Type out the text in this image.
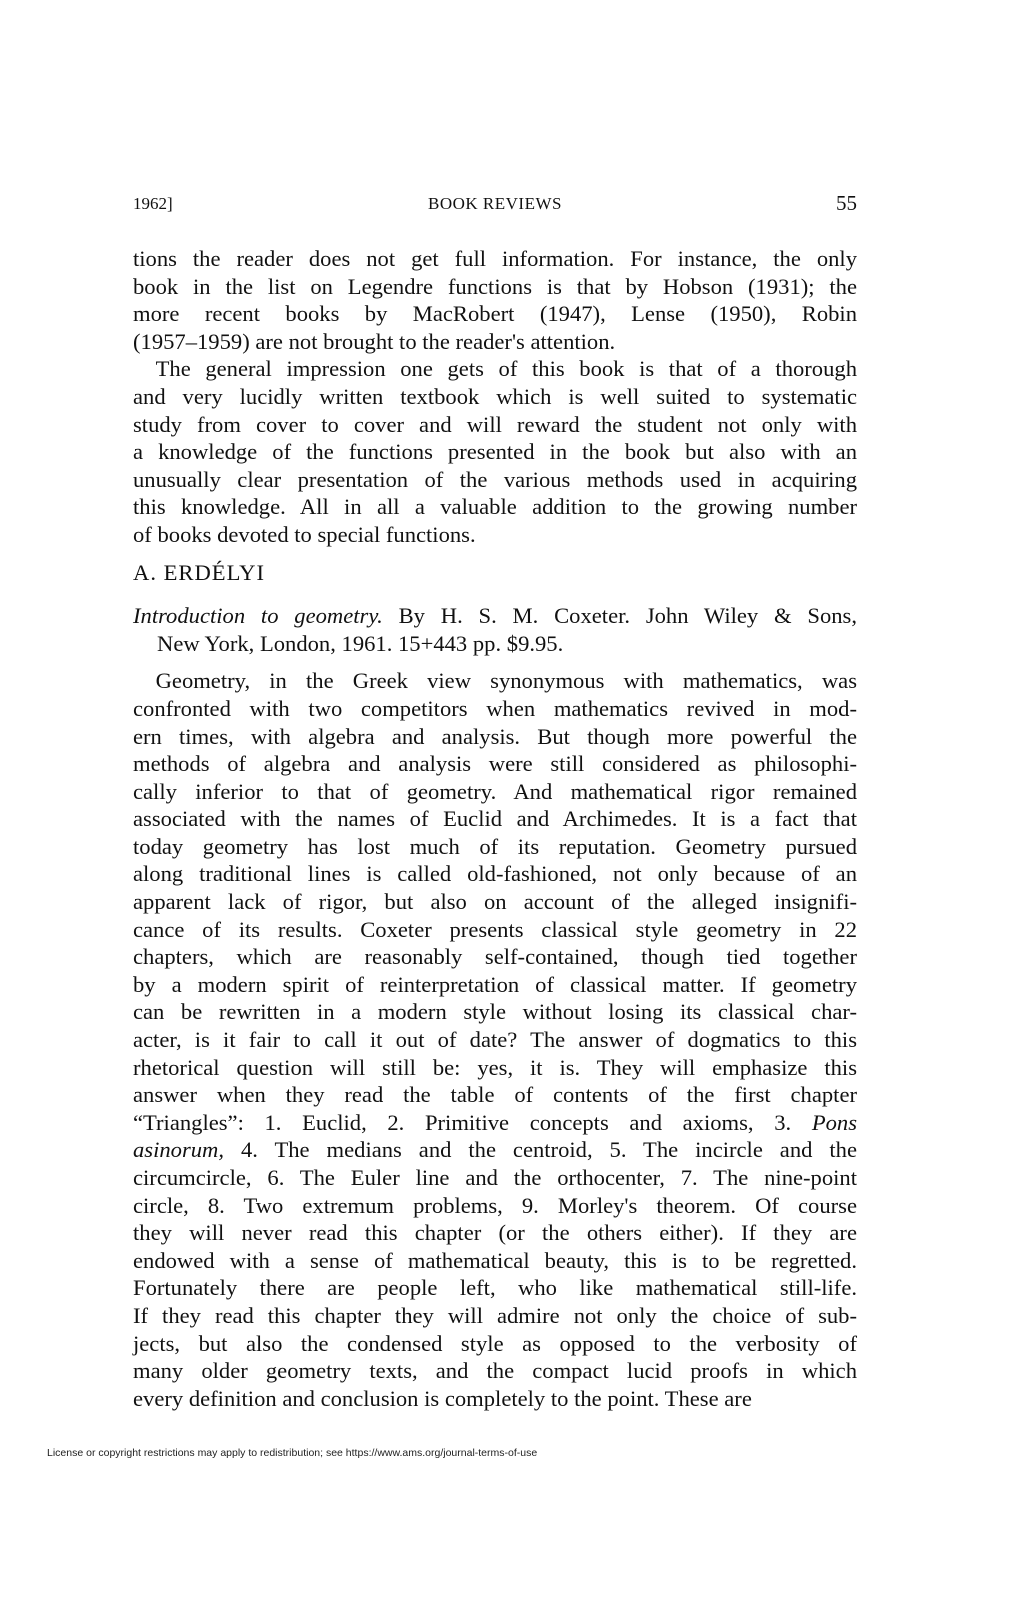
1962]	BOOK REVIEWS	55
tions the reader does not get full information. For instance, the only
book in the list on Legendre functions is that by Hobson (1931); the
more recent books by MacRobert (1947), Lense (1950), Robin
(1957–1959) are not brought to the reader's attention.
 The general impression one gets of this book is that of a thorough
and very lucidly written textbook which is well suited to systematic
study from cover to cover and will reward the student not only with
a knowledge of the functions presented in the book but also with an
unusually clear presentation of the various methods used in acquiring
this knowledge. All in all a valuable addition to the growing number
of books devoted to special functions.
A. ERDÉLYI
Introduction to geometry. By H. S. M. Coxeter. John Wiley & Sons,
New York, London, 1961. 15+443 pp. $9.95.
 Geometry, in the Greek view synonymous with mathematics, was
confronted with two competitors when mathematics revived in mod-
ern times, with algebra and analysis. But though more powerful the
methods of algebra and analysis were still considered as philosophi-
cally inferior to that of geometry. And mathematical rigor remained
associated with the names of Euclid and Archimedes. It is a fact that
today geometry has lost much of its reputation. Geometry pursued
along traditional lines is called old-fashioned, not only because of an
apparent lack of rigor, but also on account of the alleged insignifi-
cance of its results. Coxeter presents classical style geometry in 22
chapters, which are reasonably self-contained, though tied together
by a modern spirit of reinterpretation of classical matter. If geometry
can be rewritten in a modern style without losing its classical char-
acter, is it fair to call it out of date? The answer of dogmatics to this
rhetorical question will still be: yes, it is. They will emphasize this
answer when they read the table of contents of the first chapter
“Triangles”: 1. Euclid, 2. Primitive concepts and axioms, 3. Pons
asinorum, 4. The medians and the centroid, 5. The incircle and the
circumcircle, 6. The Euler line and the orthocenter, 7. The nine-point
circle, 8. Two extremum problems, 9. Morley's theorem. Of course
they will never read this chapter (or the others either). If they are
endowed with a sense of mathematical beauty, this is to be regretted.
Fortunately there are people left, who like mathematical still-life.
If they read this chapter they will admire not only the choice of sub-
jects, but also the condensed style as opposed to the verbosity of
many older geometry texts, and the compact lucid proofs in which
every definition and conclusion is completely to the point. These are
License or copyright restrictions may apply to redistribution; see https://www.ams.org/journal-terms-of-use
